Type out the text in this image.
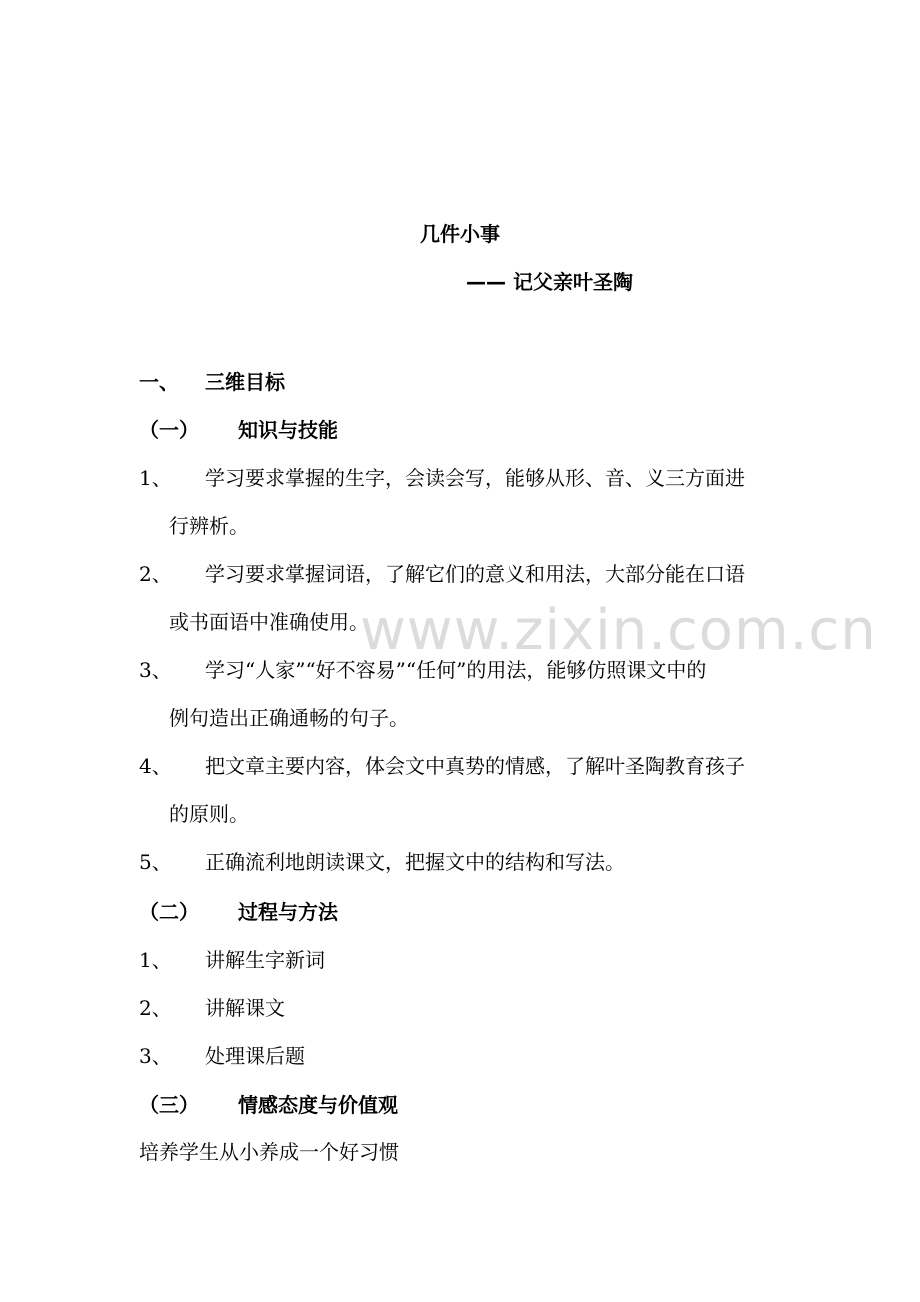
www.zixin.com.cn
几件小事
—— 记父亲叶圣陶
一、 三维目标
（一） 知识与技能
1、 学习要求掌握的生字，会读会写，能够从形、音、义三方面进
行辨析。
2、 学习要求掌握词语，了解它们的意义和用法，大部分能在口语
或书面语中准确使用。
3、 学习“人家”“好不容易”“任何”的用法，能够仿照课文中的
例句造出正确通畅的句子。
4、 把文章主要内容，体会文中真势的情感，了解叶圣陶教育孩子
的原则。
5、 正确流利地朗读课文，把握文中的结构和写法。
（二） 过程与方法
1、 讲解生字新词
2、 讲解课文
3、 处理课后题
（三） 情感态度与价值观
培养学生从小养成一个好习惯
